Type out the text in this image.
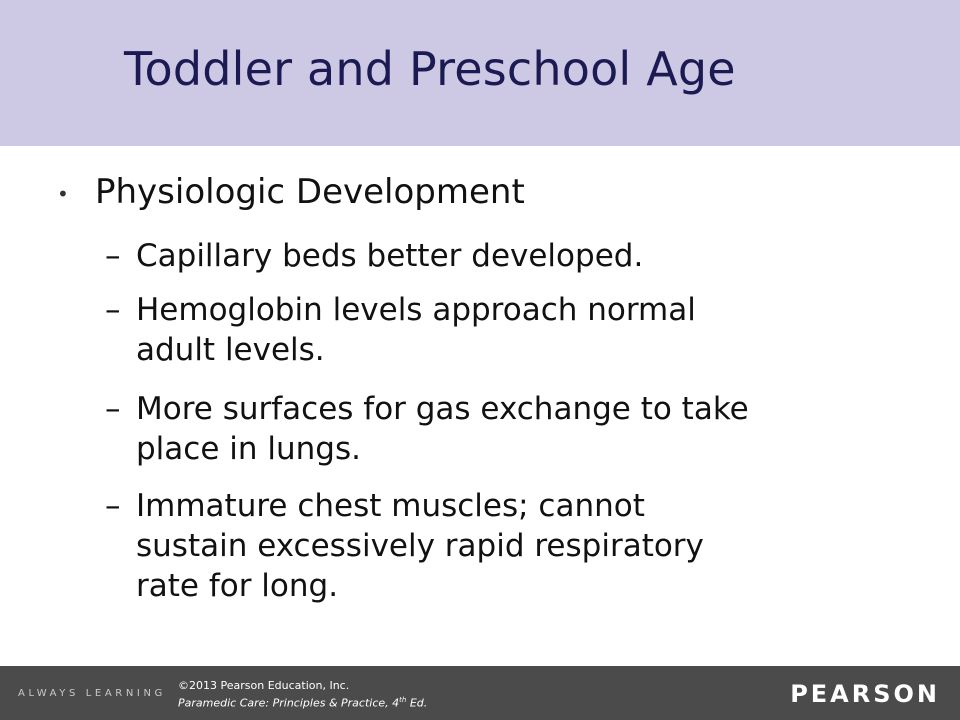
Toddler and Preschool Age
• Physiologic Development
– Capillary beds better developed.
– Hemoglobin levels approach normal
adult levels.
– More surfaces for gas exchange to take
place in lungs.
– Immature chest muscles; cannot
sustain excessively rapid respiratory
rate for long.
ALWAYS LEARNING
©2013 Pearson Education, Inc.
Paramedic Care: Principles & Practice, 4th Ed.	PEARSON
